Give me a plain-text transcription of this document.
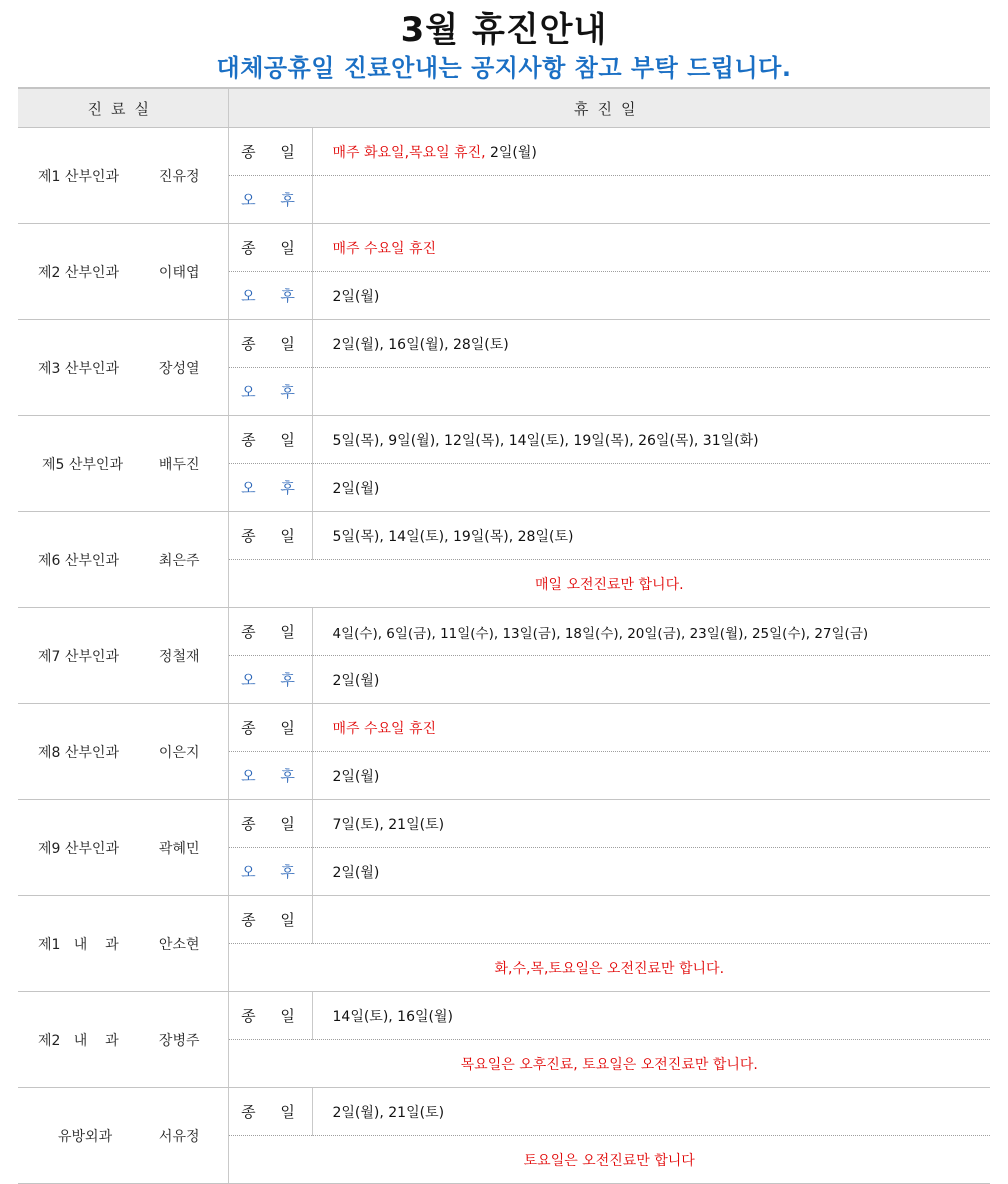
3월 휴진안내
대체공휴일 진료안내는 공지사항 참고 부탁 드립니다.
진료실	휴진일	

제1 산부인과 진유정	종 일	매주 화요일,목요일 휴진, 2일(월)
	오 후	

제2 산부인과 이태엽	종 일	매주 수요일 휴진
	오 후	2일(월)

제3 산부인과 장성열	종 일	2일(월), 16일(월), 28일(토)
	오 후	

제5 산부인과 배두진	종 일	5일(목), 9일(월), 12일(목), 14일(토), 19일(목), 26일(목), 31일(화)
	오 후	2일(월)

제6 산부인과 최은주	종 일	5일(목), 14일(토), 19일(목), 28일(토)
	매일 오전진료만 합니다.	

제7 산부인과 정철재	종 일	4일(수), 6일(금), 11일(수), 13일(금), 18일(수), 20일(금), 23일(월), 25일(수), 27일(금)
	오 후	2일(월)

제8 산부인과 이은지	종 일	매주 수요일 휴진
	오 후	2일(월)

제9 산부인과 곽혜민	종 일	7일(토), 21일(토)
	오 후	2일(월)

제1   내    과 안소현	종 일	
	화,수,목,토요일은 오전진료만 합니다.	

제2   내    과 장병주	종 일	14일(토), 16일(월)
	목요일은 오후진료, 토요일은 오전진료만 합니다.	

유방외과 서유정	종 일	2일(월), 21일(토)
	토요일은 오전진료만 합니다	
